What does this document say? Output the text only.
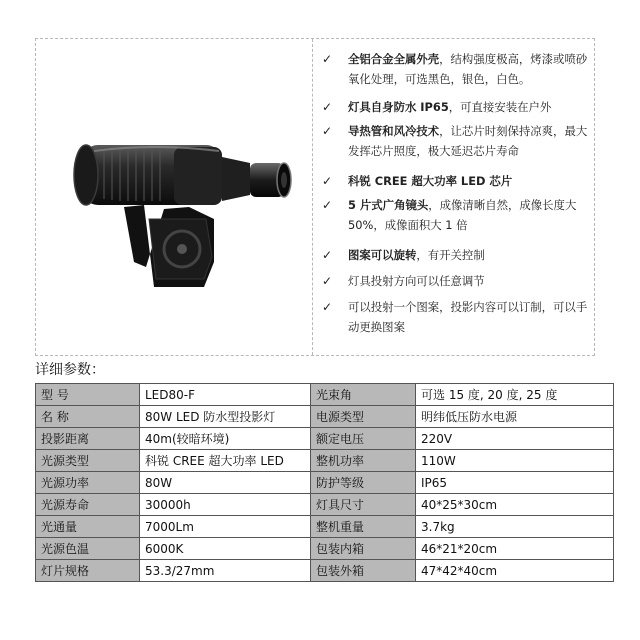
✓ 全铝合金全属外壳，结构强度极高，烤漆或喷砂氧化处理，可选黑色，银色，白色。
✓ 灯具自身防水 IP65，可直接安装在户外
✓ 导热管和风冷技术，让芯片时刻保持凉爽，最大发挥芯片照度，极大延迟芯片寿命
✓ 科锐 CREE 超大功率 LED 芯片
✓ 5 片式广角镜头，成像清晰自然，成像长度大 50%，成像面积大 1 倍
✓ 图案可以旋转，有开关控制
✓ 灯具投射方向可以任意调节
✓ 可以投射一个图案，投影内容可以订制，可以手动更换图案
详细参数：
型 号	LED80-F	光束角	可选 15 度, 20 度, 25 度
名 称	80W LED 防水型投影灯	电源类型	明纬低压防水电源
投影距离	40m(较暗环境)	额定电压	220V
光源类型	科锐 CREE 超大功率 LED	整机功率	110W
光源功率	80W	防护等级	IP65
光源寿命	30000h	灯具尺寸	40*25*30cm
光通量	7000Lm	整机重量	3.7kg
光源色温	6000K	包装内箱	46*21*20cm
灯片规格	53.3/27mm	包装外箱	47*42*40cm
